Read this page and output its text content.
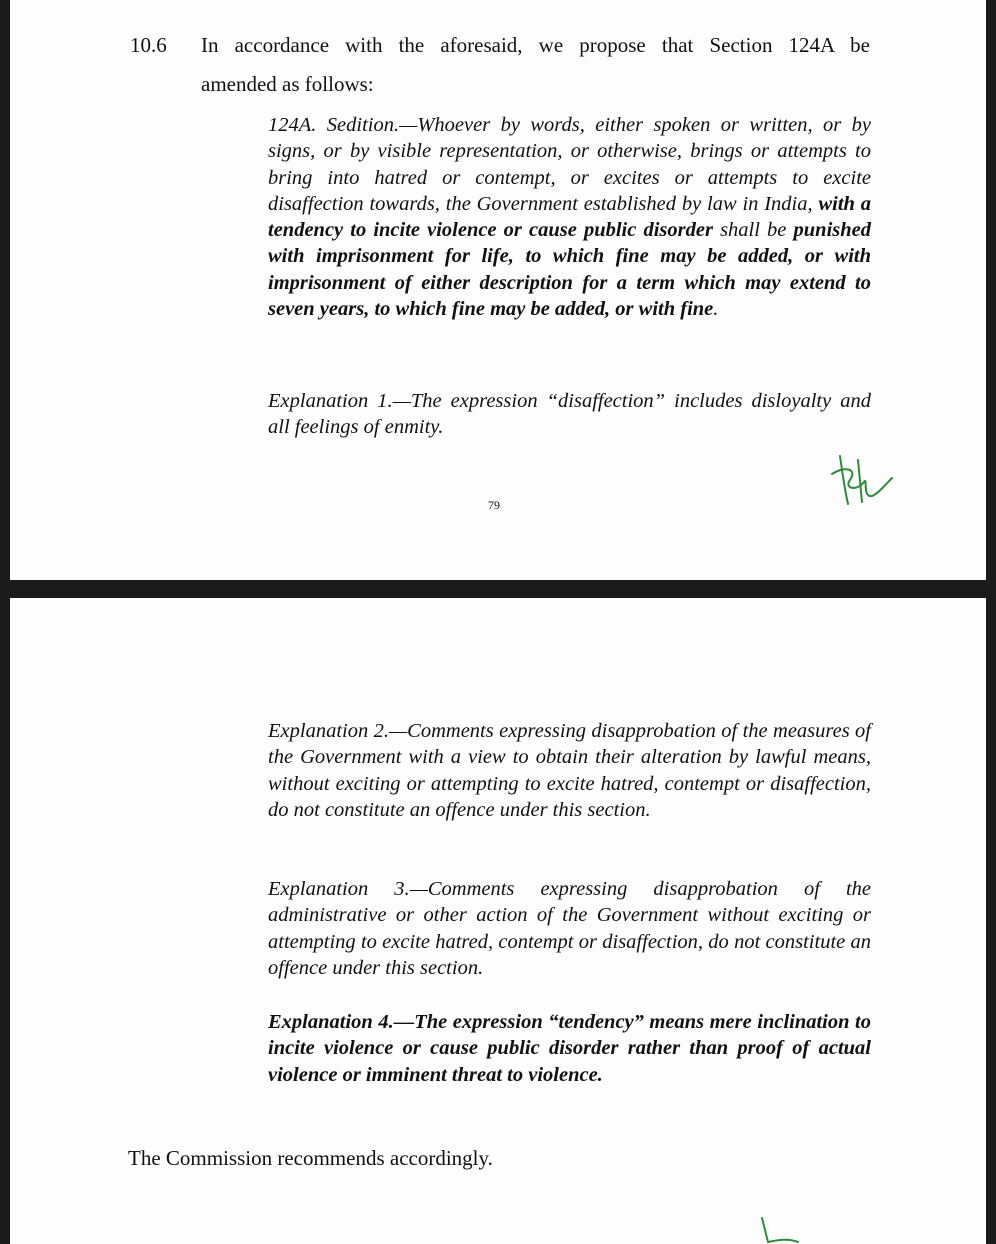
10.6 In accordance with the aforesaid, we propose that Section 124A be
amended as follows:
124A. Sedition.—Whoever by words, either spoken or written, or by signs, or by visible representation, or otherwise, brings or attempts to bring into hatred or contempt, or excites or attempts to excite disaffection towards, the Government established by law in India, with a tendency to incite violence or cause public disorder shall be punished with imprisonment for life, to which fine may be added, or with imprisonment of either description for a term which may extend to seven years, to which fine may be added, or with fine.
Explanation 1.—The expression “disaffection” includes disloyalty and all feelings of enmity.
79
Explanation 2.—Comments expressing disapprobation of the measures of the Government with a view to obtain their alteration by lawful means, without exciting or attempting to excite hatred, contempt or disaffection, do not constitute an offence under this section.
Explanation 3.—Comments expressing disapprobation of the administrative or other action of the Government without exciting or attempting to excite hatred, contempt or disaffection, do not constitute an offence under this section.
Explanation 4.—The expression “tendency” means mere inclination to incite violence or cause public disorder rather than proof of actual violence or imminent threat to violence.
The Commission recommends accordingly.
